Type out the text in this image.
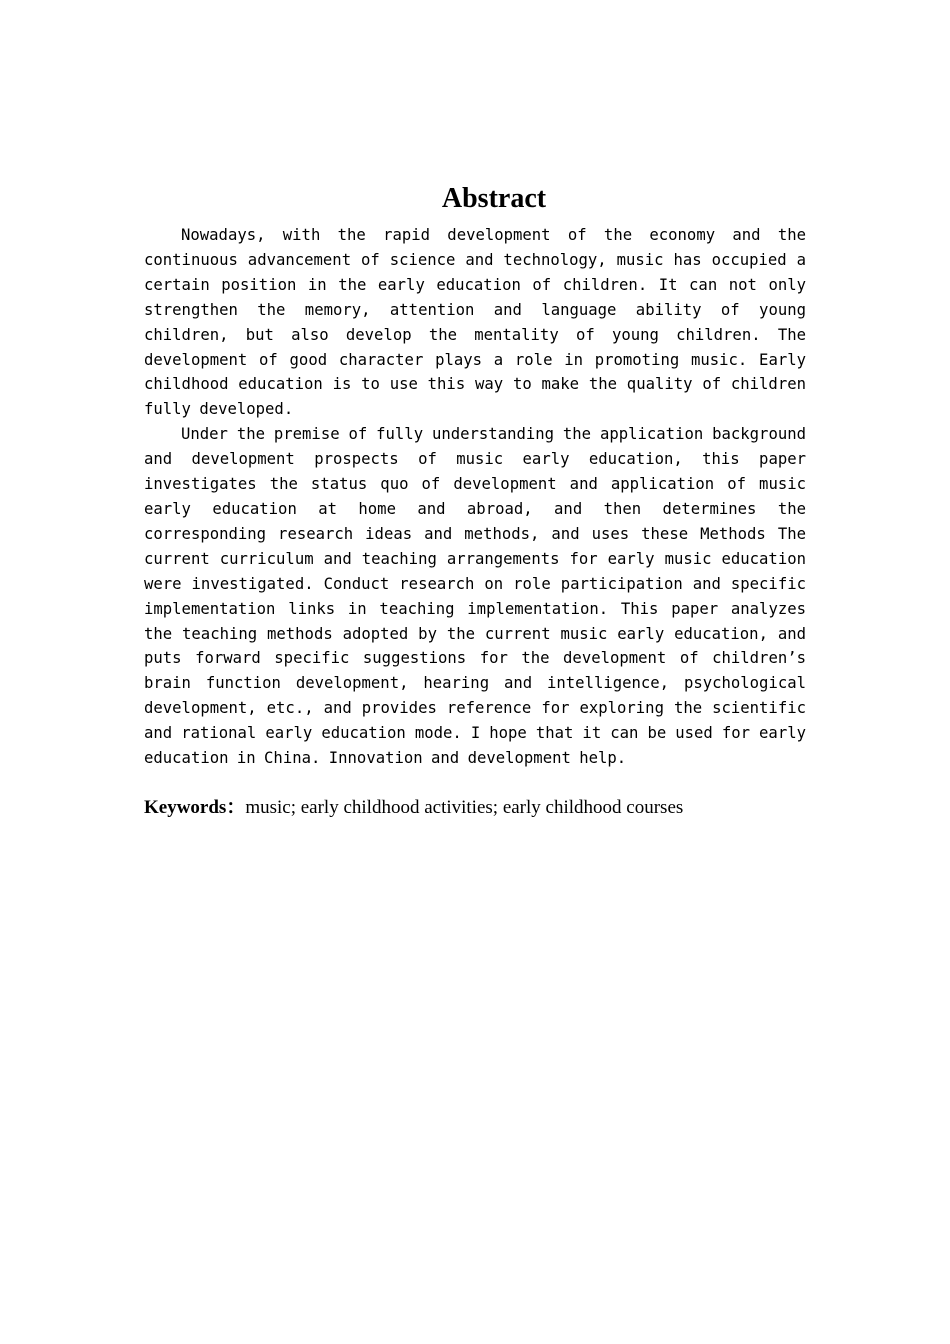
Abstract

Nowadays, with the rapid development of the economy and the continuous advancement of science and technology, music has occupied a certain position in the early education of children. It can not only strengthen the memory, attention and language ability of young children, but also develop the mentality of young children. The development of good character plays a role in promoting music. Early childhood education is to use this way to make the quality of children fully developed.

Under the premise of fully understanding the application background and development prospects of music early education, this paper investigates the status quo of development and application of music early education at home and abroad, and then determines the corresponding research ideas and methods, and uses these Methods The current curriculum and teaching arrangements for early music education were investigated. Conduct research on role participation and specific implementation links in teaching implementation. This paper analyzes the teaching methods adopted by the current music early education, and puts forward specific suggestions for the development of children’s brain function development, hearing and intelligence, psychological development, etc., and provides reference for exploring the scientific and rational early education mode. I hope that it can be used for early education in China. Innovation and development help.

Keywords：music; early childhood activities; early childhood courses
